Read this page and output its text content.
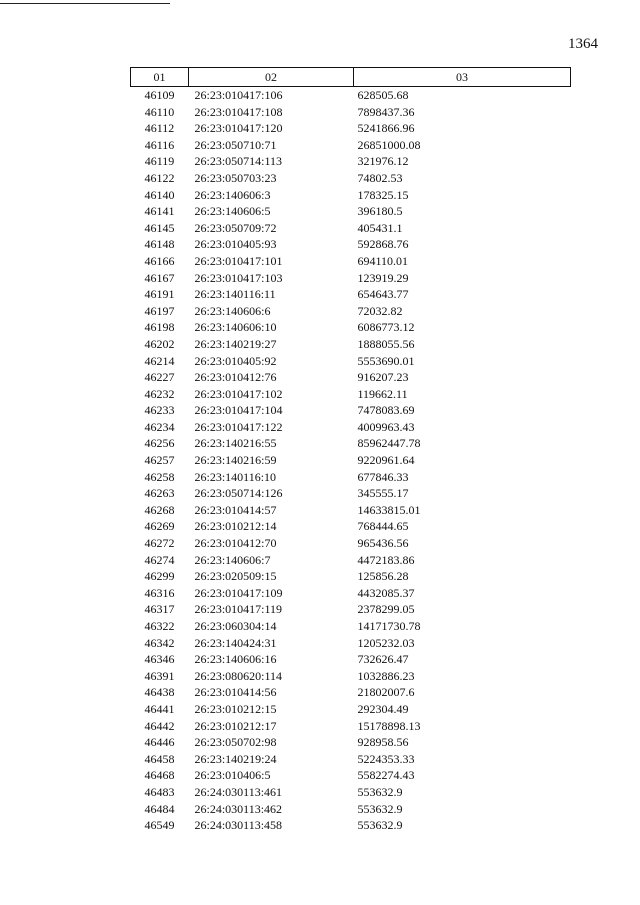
1364
01	02	03
46109	26:23:010417:106	628505.68
46110	26:23:010417:108	7898437.36
46112	26:23:010417:120	5241866.96
46116	26:23:050710:71	26851000.08
46119	26:23:050714:113	321976.12
46122	26:23:050703:23	74802.53
46140	26:23:140606:3	178325.15
46141	26:23:140606:5	396180.5
46145	26:23:050709:72	405431.1
46148	26:23:010405:93	592868.76
46166	26:23:010417:101	694110.01
46167	26:23:010417:103	123919.29
46191	26:23:140116:11	654643.77
46197	26:23:140606:6	72032.82
46198	26:23:140606:10	6086773.12
46202	26:23:140219:27	1888055.56
46214	26:23:010405:92	5553690.01
46227	26:23:010412:76	916207.23
46232	26:23:010417:102	119662.11
46233	26:23:010417:104	7478083.69
46234	26:23:010417:122	4009963.43
46256	26:23:140216:55	85962447.78
46257	26:23:140216:59	9220961.64
46258	26:23:140116:10	677846.33
46263	26:23:050714:126	345555.17
46268	26:23:010414:57	14633815.01
46269	26:23:010212:14	768444.65
46272	26:23:010412:70	965436.56
46274	26:23:140606:7	4472183.86
46299	26:23:020509:15	125856.28
46316	26:23:010417:109	4432085.37
46317	26:23:010417:119	2378299.05
46322	26:23:060304:14	14171730.78
46342	26:23:140424:31	1205232.03
46346	26:23:140606:16	732626.47
46391	26:23:080620:114	1032886.23
46438	26:23:010414:56	21802007.6
46441	26:23:010212:15	292304.49
46442	26:23:010212:17	15178898.13
46446	26:23:050702:98	928958.56
46458	26:23:140219:24	5224353.33
46468	26:23:010406:5	5582274.43
46483	26:24:030113:461	553632.9
46484	26:24:030113:462	553632.9
46549	26:24:030113:458	553632.9
